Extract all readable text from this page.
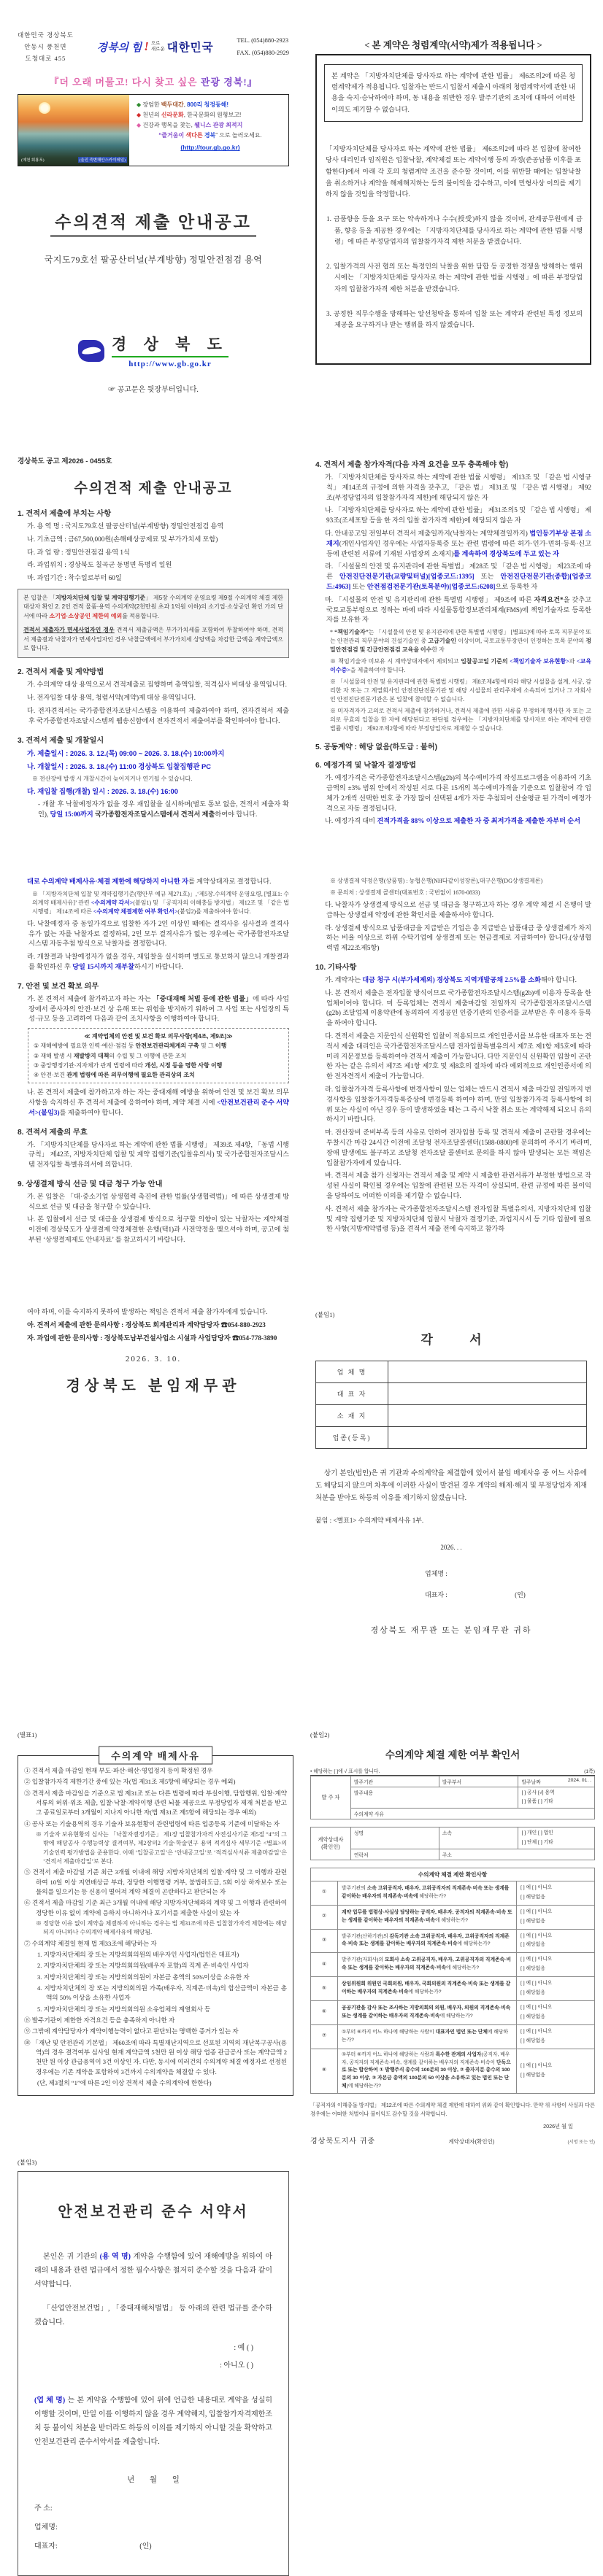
대한민국 경상북도
안동시 풍천면
도청대로 455
경북의 힘 ! 으로
새로운 대한민국
TEL. (054)880-2923
FAX. (054)880-2929
『더 오래 머물고! 다시 찾고 싶은 관광 경북!』
(예천 회룡포)	(울진 죽변해안스카이레일)
◆ 장엄한 백두대간, 800리 청정동해!
◆ 천년의 신라문화, 한국문화의 원형보고!
◆ 건강과 행복을 찾는, 웰니스 관광 최적지
“즐거움이 색다른 경북” 으로 놀러오세요.
(http://tour.gb.go.kr)
수의견적 제출 안내공고
국지도79호선 팔공산터널(부계방향) 정밀안전점검 용역
경 상 북 도
http://www.gb.go.kr
☞ 공고문은 뒷장부터입니다.
< 본 계약은 청렴계약(서약)제가 적용됩니다 >
본 계약은 「지방자치단체를 당사자로 하는 계약에 관한 법률」 제6조의2에 따른 청렴계약제가 적용됩니다. 입찰자는 반드시 입찰서 제출시 아래의 청렴계약서에 관한 내용을 숙지·승낙하여야 하며, 동 내용을 위반한 경우 발주기관의 조치에 대하여 어떠한 이의도 제기할 수 없습니다.
「지방자치단체를 당사자로 하는 계약에 관한 법률」 제6조의2에 따라 본 입찰에 참여한 당사 대리인과 임직원은 입찰낙찰, 계약체결 또는 계약이행 등의 과정(준공납품 이후를 포함한다)에서 아래 각 호의 청렴계약 조건을 준수할 것이며, 이를 위반할 때에는 입찰낙찰을 취소하거나 계약을 해제해지하는 등의 불이익을 감수하고, 이에 민형사상 이의를 제기하지 않을 것임을 약정합니다.
1. 금품향응 등을 요구 또는 약속하거나 수수(授受)하지 않을 것이며, 관계공무원에게 금품, 향응 등을 제공한 경우에는 「지방자치단체를 당사자로 하는 계약에 관한 법률 시행령」에 따른 부정당업자의 입찰참가자격 제한 처분을 받겠습니다.
2. 입찰가격의 사전 협의 또는 특정인의 낙찰을 위한 담합 등 공정한 경쟁을 방해하는 행위시에는 「지방자치단체를 당사자로 하는 계약에 관한 법률 시행령」에 따른 부정당업자의 입찰참가자격 제한 처분을 받겠습니다.
3. 공정한 직무수행을 방해하는 알선청탁을 통하여 입찰 또는 계약과 관련된 특정 정보의 제공을 요구하거나 받는 행위를 하지 않겠습니다.
경상북도 공고 제2026 - 0455호
수의견적 제출 안내공고
1. 견적서 제출에 부치는 사항
가. 용 역 명 : 국지도79호선 팔공산터널(부계방향) 정밀안전점검 용역
나. 기초금액 : 금67,500,000원(손해배상공제료 및 부가가치세 포함)
다. 과 업 량 : 정밀안전점검 용역 1식
라. 과업위치 : 경상북도 칠곡군 동명면 득명리 일원
마. 과업기간 : 착수일로부터 60일

본 입찰은 「지방자치단체 입찰 및 계약집행기준」 제5장 수의계약 운영요령 제9절 수의계약 체결 제한 대상자 확인 2. 2인 견적 물품·용역 수의계약(2천만원 초과 1억원 이하)의 소기업·소상공인 확인 가의 단서에 따라 소기업·소상공인 제한의 예외를 적용합니다.

견적서 제출자가 면세사업자인 경우 견적서 제출금액은 부가가치세를 포함하여 투찰하여야 하며, 견적서 제출결과 낙찰자가 면세사업자인 경우 낙찰금액에서 부가가치세 상당액을 차감한 금액을 계약금액으로 합니다.

2. 견적서 제출 및 계약방법
가. 수의계약 대상 용역으로서 견적제출로 집행하며 총액입찰, 적격심사 비대상 용역입니다.
나. 전자입찰 대상 용역, 청렴서약(계약)제 대상 용역입니다.
다. 전자견적서는 국가종합전자조달시스템을 이용하여 제출하여야 하며, 전자견적서 제출 후 국가종합전자조달시스템의 웹송신함에서 전자견적서 제출여부를 확인하여야 합니다.
3. 견적서 제출 및 개찰일시
가. 제출일시 : 2026. 3. 12.(목) 09:00 ~ 2026. 3. 18.(수) 10:00까지
나. 개찰일시 : 2026. 3. 18.(수) 11:00 경상북도 입찰집행관 PC
※ 전산장애 발생 시 개찰시간이 늦어지거나 연기될 수 있습니다.
다. 재입찰 집행(개찰) 일시 : 2026. 3. 18.(수) 16:00
- 개찰 후 낙찰예정자가 없을 경우 재입찰을 실시하며(별도 통보 없음, 견적서 제출자 확인), 당일 15:00까지 국가종합전자조달시스템에서 견적서 제출하여야 합니다.
4. 견적서 제출 참가자격(다음 자격 요건을 모두 충족해야 함)
가. 「지방자치단체를 당사자로 하는 계약에 관한 법률 시행령」 제13조 및 「같은 법 시행규칙」 제14조의 규정에 의한 자격을 갖추고, 「같은 법」 제31조 및 「같은 법 시행령」 제92조(부정당업자의 입찰참가자격 제한)에 해당되지 않은 자
나. 「지방자치단체를 당사자로 하는 계약에 관한 법률」 제31조의5 및 「같은 법 시행령」 제93조(조세포탈 등을 한 자의 입찰 참가자격 제한)에 해당되지 않은 자
다. 안내공고일 전일부터 견적서 제출일까지(낙찰자는 계약체결일까지) 법인등기부상 본점 소재지(개인사업자인 경우에는 사업자등록증 또는 관련 법령에 따른 허가·인가·면허·등록·신고 등에 관련된 서류에 기재된 사업장의 소재지)를 계속하여 경상북도에 두고 있는 자
라. 「시설물의 안전 및 유지관리에 관한 특별법」 제28조 및 「같은 법 시행령」 제23조에 따른 안전진단전문기관(교량및터널)[업종코드:1395] 또는 안전진단전문기관(종합)[업종코드:4963] 또는 안전점검전문기관(토목분야)[업종코드:6208]으로 등록한 자
마. 「시설물의 안전 및 유지관리에 관한 특별법 시행령」 제9조에 따른 자격요건*을 갖추고 국토교통부령으로 정하는 바에 따라 시설물통합정보관리체계(FMS)에 책임기술자로 등록한 자를 보유한 자
* “책임기술자”는 「시설물의 안전 및 유지관리에 관한 특별법 시행령」 [별표5]에 따라 토목 직무분야 또는 안전관리 직무분야의 건설기술인 중 고급기술인 이상이며, 국토교통부장관이 인정하는 토목 분야의 정밀안전점검 및 긴급안전점검 교육을 이수한 자
※ 책임기술자 미보유 시 계약상대자에서 제외되고 입찰공고일 기준의 <책임기술자 보유현황>과 <교육 이수증>을 제출하여야 합니다.
※ 「시설물의 안전 및 유지관리에 관한 특별법 시행령」 제8조제4항에 따라 해당 시설물을 설계, 시공, 감리한 자 또는 그 계열회사인 안전진단전문기관 및 해당 시설물의 관리주체에 소속되어 있거나 그 자회사인 안전진단전문기관은 본 입찰에 참여할 수 없습니다.
※ 미자격자가 고의로 견적서 제출에 참가하거나, 견적서 제출에 관한 서류를 부정하게 행사한 자 또는 고의로 무효의 입찰을 한 자에 해당된다고 판단될 경우에는 「지방자치단체를 당사자로 하는 계약에 관한 법률 시행령」 제92조제2항에 따라 부정당업자로 제재할 수 있습니다.
5. 공동계약 : 해당 없음(하도급 : 불허)
6. 예정가격 및 낙찰자 결정방법
가. 예정가격은 국가종합전자조달시스템(g2b)의 복수예비가격 작성프로그램을 이용하여 기초금액의 ±3% 범위 안에서 작성된 서로 다른 15개의 복수예비가격을 기준으로 입찰참여 각 업체가 2개씩 선택한 번호 중 가장 많이 선택된 4개가 자동 추첨되어 산술평균 된 가격이 예정가격으로 자동 결정됩니다.
나. 예정가격 대비 견적가격을 88% 이상으로 제출한 자 중 최저가격을 제출한 자부터 순서
대로 수의계약 배제사유·체결 제한에 해당하지 아니한 자를 계약상대자로 결정합니다.
※ 「지방자치단체 입찰 및 계약집행기준(행안부 예규 제271호)」,‘제5장.수의계약 운영요령, [별표1: 수의계약 배제사유]’ 관련 <수의계약 각서>(붙임1) 및 「공직자의 이해충돌 방지법」 제12조 및 「같은 법 시행령」 제14조에 따른 <수의계약 체결제한 여부 확인서>(붙임2)를 제출하여야 합니다.
다. 낙찰예정자 중 동일가격으로 입찰한 자가 2인 이상인 때에는 결격사유 심사결과 결격사유가 없는 자를 낙찰자로 결정하되, 2인 모두 결격사유가 없는 경우에는 국가종합전자조달시스템 자동추첨 방식으로 낙찰자를 결정합니다.
라. 개찰결과 낙찰예정자가 없을 경우, 재입찰을 실시하며 별도로 통보하지 않으니 개찰결과를 확인하신 후 당일 15시까지 재부찰하시기 바랍니다.
7. 안전 및 보건 확보 의무
가. 본 견적서 제출에 참가하고자 하는 자는 「중대재해 처벌 등에 관한 법률」에 따라 사업장에서 종사자의 안전·보건 상 유해 또는 위험을 방지하기 위하여 그 사업 또는 사업장의 특성·규모 등을 고려하여 다음과 같이 조치사항을 이행하여야 합니다.
≪ 계약업체의 안전 및 보건 확보 의무사항(제4조, 제9조)≫
① 재해예방에 필요한 인력·예산·점검 등 안전보건관리체계의 구축 및 그 이행
② 재해 발생 시 재발방지 대책의 수립 및 그 이행에 관한 조치
③ 중앙행정기관·지자체가 관계 법령에 따라 개선, 시정 등을 명한 사항 이행
④ 안전·보건 관계 법령에 따른 의무이행에 필요한 관리상의 조치
나. 본 견적서 제출에 참가하고자 하는 자는 중대재해 예방을 위하여 안전 및 보건 확보 의무사항을 숙지하신 후 견적서 제출에 응하여야 하며, 계약 체결 시에 <안전보건관리 준수 서약서>(붙임3)를 제출하여야 합니다.
8. 견적서 제출의 무효
가. 「지방자치단체를 당사자로 하는 계약에 관한 법률 시행령」 제39조 제4항, 「동법 시행규칙」 제42조, 지방자치단체 입찰 및 계약 집행기준(입찰유의서) 및 국가종합전자조달시스템 전자입찰 특별유의서에 의합니다.
9. 상생결제 방식 선금 및 대금 청구 가능 안내
가. 본 입찰은 「대·중소기업 상생협력 촉진에 관한 법률(상생협력법)」에 따른 상생결제 방식으로 선금 및 대금을 청구할 수 있습니다.
나. 본 입찰에서 선금 및 대금을 상생결제 방식으로 청구할 의향이 있는 낙찰자는 계약체결 이전에 경상북도가 상생결제 약정체결한 은행(택1)과 사전약정을 맺으셔야 하며, 공고에 첨부된 ‘상생결제제도 안내자료’ 를 참고하시기 바랍니다.
※ 상생결제 약정은행(상품명) : 농협은행(NH다같이성장론),대구은행(DG상생결제론)
※ 문의처 : 상생결제 콜센터(대표번호 : 국번없이 1670-0833)
다. 낙찰자가 상생결제 방식으로 선금 및 대금을 청구하고자 하는 경우 계약 체결 시 은행이 발급하는 상생결제 약정에 관한 확인서를 제출하셔야 합니다.
라. 상생결제 방식으로 납품대금을 지급받은 기업은 총 지급받은 납품대금 중 상생결제가 차지하는 비율 이상으로 하위 수탁기업에 상생결제 또는 현금결제로 지급하여야 합니다.(상생협력법 제22조제5항)
10. 기타사항
가. 계약자는 대금 청구 시(부가세제외) 경상북도 지역개발공채 2.5%를 소화해야 합니다.
나. 본 견적서 제출은 전자입찰 방식이므로 국가종합전자조달시스템(g2b)에 이용자 등록을 한 업체이어야 합니다. 미 등록업체는 견적서 제출마감일 전일까지 국가종합전자조달시스템(g2b) 조달업체 이용약관에 동의하여 지정공인 인증기관의 인증서를 교부받은 후 이용자 등록을 하여야 합니다.
다. 견적서 제출은 지문인식 신원확인 입찰이 적용되므로 개인인증서를 보유한 대표자 또는 견적서 제출 대리인은 국가종합전자조달시스템 전자입찰특별유의서 제7조 제1항 제5호에 따라 미리 지문정보를 등록하여야 견적서 제출이 가능합니다. 다만 지문인식 신원확인 입찰이 곤란한 자는 같은 유의서 제7조 제1항 제7호 및 제8호의 절차에 따라 예외적으로 개인인증서에 의한 전자견적서 제출이 가능합니다.
라. 입찰참가자격 등록사항에 변경사항이 있는 업체는 반드시 견적서 제출 마감일 전일까지 변경사항을 입찰참가자격등록증상에 변경등록 하여야 하며, 만일 입찰참가자격 등록사항에 허위 또는 사실이 아닌 경우 등이 발생하였을 때는 그 즉시 낙찰 취소 또는 계약해제 되오니 유의하시기 바랍니다.
마. 전산장비 준비부족 등의 사유로 인하여 전자입찰 등록 및 견적서 제출이 곤란할 경우에는 투찰시간 마감 24시간 이전에 조달청 전자조달콜센터(1588-0800)에 문의하여 주시기 바라며, 장애 발생에도 불구하고 조달청 전자조달 콜센터로 문의를 하지 않아 발생되는 모든 책임은 입찰참가자에게 있습니다.
바. 견적서 제출 참가 신청자는 견적서 제출 및 계약 시 제출한 관련서류가 부정한 방법으로 작성된 사실이 확인될 경우에는 입찰에 관련된 모든 자격이 상실되며, 관련 규정에 따른 불이익을 당하여도 어떠한 이의를 제기할 수 없습니다.
사. 견적서 제출 참가자는 국가종합전자조달시스템 전자입찰 특별유의서, 지방자치단체 입찰 및 계약 집행기준 및 지방자치단체 입찰시 낙찰자 결정기준, 과업지시서 등 기타 입찰에 필요한 사항(지방계약법령 등)을 견적서 제출 전에 숙지하고 참가하
여야 하며, 이를 숙지하지 못하여 발생하는 책임은 견적서 제출 참가자에게 있습니다.
아. 견적서 제출에 관한 문의사항 : 경상북도 회계관리과 계약담당자 ☎054-880-2923
자. 과업에 관한 문의사항 : 경상북도남부건설사업소 시설과 사업담당자 ☎054-778-3890
2026. 3. 10.
경상북도 분임재무관
(붙임1)
각 서
업 체 명	
대 표 자	
소 재 지	
업종(등록)	
상기 본인(법인)은 귀 기관과 수의계약을 체결함에 있어서 붙임 배제사유 중 어느 사유에도 해당되지 않으며 차후에 이러한 사실이 발견된 경우 계약의 해제·해지 및 부정당업자 제재 처분을 받아도 하등의 이유를 제기하지 않겠습니다.
붙임 : <별표1> 수의계약 배제사유 1부.
2026. . .
업체명 :
대표자 :	(인)
경상북도 재무관 또는 분임재무관 귀하
(별표1)
수의계약 배제사유
① 견적서 제출 마감일 현재 부도·파산·해산·영업정지 등이 확정된 경우
② 입찰참가자격 제한기간 중에 있는 자(법 제31조 제5항에 해당되는 경우 예외)
③ 견적서 제출 마감일을 기준으로 법 제31조 또는 다른 법령에 따라 부실이행, 담합행위, 입찰·계약 서류의 허위·위조 제출, 입찰·낙찰·계약이행 관련 뇌물 제공으로 부정당업자 제재 처분을 받고 그 종료일로부터 3개월이 지나지 아니한 자(법 제31조 제5항에 해당되는 경우 예외)
④ 공사 또는 기술용역의 경우 기술자 보유현황이 관련법령에 따른 업종등록 기준에 미달하는 자
※ 기술자 보유현황의 심사는 「낙찰자결정기준」 제1장 입찰참가자격 사전심사기준 제5절 “4”의 그밖에 해당공사 수행능력상 결격여부, 제2장의2 기술·학술연구 용역 적격심사 세부기준 <별표>의 기술인력 평가방법을 준용한다. 이때 ‘입찰공고일’은 ‘안내공고일’로 ‘적격심사서류 제출마감일’은 ‘견적서 제출마감일’로 본다.
⑤ 견적서 제출 마감일 기준 최근 3개월 이내에 해당 지방자치단체의 입찰·계약 및 그 이행과 관련하여 10일 이상 지연배상금 부과, 정당한 이행명령 거부, 불법하도급, 5회 이상 하자보수 또는 물의를 일으키는 등 신용이 떨어져 계약 체결이 곤란하다고 판단되는 자
⑥ 견적서 제출 마감일 기준 최근 3개월 이내에 해당 지방자치단체와의 계약 및 그 이행과 관련하여 정당한 이유 없이 계약에 응하지 아니하거나 포기서를 제출한 사실이 있는 자
※ 정당한 이유 없이 계약을 체결하지 아니하는 경우는 법 제31조에 따른 입찰참가자격 제한에는 해당되지 아니하나 수의계약 배제사유에 해당됨.
⑦ 수의계약 체결일 현재 법 제33조에 해당하는 자
1. 지방자치단체의 장 또는 지방의회의원의 배우자인 사업자(법인은 대표자)
2. 지방자치단체의 장 또는 지방의회의원(배우자 포함)의 직계 존·비속인 사업자
3. 지방자치단체의 장 또는 지방의회의원이 자본금 총액의 50%이상을 소유한 자
4. 지방자치단체의 장 또는 지방의회의원 가족(배우자, 직계존·비속)의 합산금액이 자본금 총액의 50% 이상을 소유한 사업자
5. 지방자치단체의 장 또는 지방의회의원 소유업체의 계열회사 등
⑧ 발주기관이 제한한 자격요건 등을 충족하지 아니한 자
⑨ 그밖에 계약담당자가 계약이행능력이 없다고 판단되는 명백한 증거가 있는 자
⑩ 「재난 및 안전관리 기본법」 제60조에 따라 특별재난지역으로 선포된 지역의 재난복구공사(용역)의 경우 결격여부 심사일 현재 계약금액 5천만 원 이상 해당 업종 관급공사 또는 계약금액 2천만 원 이상 관급용역이 3건 이상인 자. 다만, 동시에 여러건의 수의계약 체결 예정자로 선정된 경우에는 기존 계약을 포함하여 3건까지 수의계약을 체결할 수 있다.
(단, 제3절의 “1”에 따른 2인 이상 견적서 제출 수의계약에 한한다)
(붙임2)
수의계약 체결 제한 여부 확인서
• 해당하는 [ ]에 √ 표시를 합니다.	(1쪽)
발 주 자	발주기관	발주부서	발주날짜 2024. 01. .

	발주내용		[ ] 공사 [√] 용역
[ ] 물품 [ ] 기타

	수의계약 사유		
계약상대자
(확인인)	성명	소속	[ ] 개인 [ ] 법인
[ ] 단체 [ ] 기타

	연락처	주소	
수의계약 체결 제한 확인사항
①	발주기관의 소속 고위공직자, 배우자, 고위공직자의 직계존속·비속 또는 생계를 같이하는 배우자의 직계존속·비속에 해당하는가?	[ ] 예 [ ] 아니오
[ ] 해당없음

②	계약 업무를 법령상·사실상 담당하는 공직자, 배우자, 공직자의 직계존속·비속 또는 생계를 같이하는 배우자의 직계존속·비속에 해당하는가?	[ ] 예 [ ] 아니오
[ ] 해당없음

③	발주기관(산하기관)의 감독기관 소속 고위공직자, 배우자, 고위공직자의 직계존속·비속 또는 생계를 같이하는 배우자의 직계존속·비속에 해당하는가?	[ ] 예 [ ] 아니오
[ ] 해당없음

④	발주기관(자회사)의 모회사 소속 고위공직자, 배우자, 고위공직자의 직계존속·비속 또는 생계를 같이하는 배우자의 직계존속·비속에 해당하는가?	[ ] 예 [ ] 아니오
[ ] 해당없음

⑤	상임위원회 위원인 국회의원, 배우자, 국회의원의 직계존속·비속 또는 생계를 같이하는 배우자의 직계존속·비속에 해당하는가?	[ ] 예 [ ] 아니오
[ ] 해당없음

⑥	공공기관을 감사 또는 조사하는 지방의회의 의원, 배우자, 의원의 직계존속·비속 또는 생계를 같이하는 배우자의 직계존속·비속에 해당하는가?	[ ] 예 [ ] 아니오
[ ] 해당없음

⑦	①부터 ⑥까지 어느 하나에 해당하는 사람이 대표자인 법인 또는 단체에 해당하는가?	[ ] 예 [ ] 아니오
[ ] 해당없음

⑧	①부터 ⑥까지 어느 하나에 해당하는 사람과 특수한 관계의 사업자(공직자, 배우자, 공직자의 직계존속·비속, 생계를 같이하는 배우자의 직계존속·비속이 단독으로 또는 합산하여 ① 발행주식 총수의 100분의 30 이상, ② 출자지분 총수의 100분의 30 이상, ③ 자본금 총액의 100분의 50 이상을 소유하고 있는 법인 또는 단체)에 해당하는가?	[ ] 예 [ ] 아니오
[ ] 해당없음
「공직자의 이해충돌 방지법」 제12조에 따른 수의계약 체결 제한에 대하여 위와 같이 확인합니다. 만약 위 사항이 사실과 다른 경우에는 어떠한 처벌이나 불이익도 감수할 것을 서약합니다.
2026년 월 일
경상북도지사 귀중	계약상대자(확인인)	(서명 또는 인)
(붙임3)
안전보건관리 준수 서약서
본인은 귀 기관의 (용 역 명) 계약을 수행함에 있어 재해예방을 위하여 아래의 내용과 관련 법규에서 정한 필수사항은 철저히 준수할 것을 다음과 같이 서약합니다.
「산업안전보건법」, 「중대재해처벌법」 등 아래의 관련 법규를 준수하겠습니다.
: 예 ( )
: 아니오 ( )
(업 체 명) 는 본 계약을 수행함에 있어 위에 언급한 내용대로 계약을 성실히 이행할 것이며, 만일 이를 이행하지 않을 경우 계약해지, 입찰참가자격제한조치 등 불이익 처분을 받더라도 하등의 이의를 제기하지 아니할 것을 확약하고 안전보건관리 준수서약서를 제출합니다.
년 월 일
주 소:
업체명:
대표자:	(인)
